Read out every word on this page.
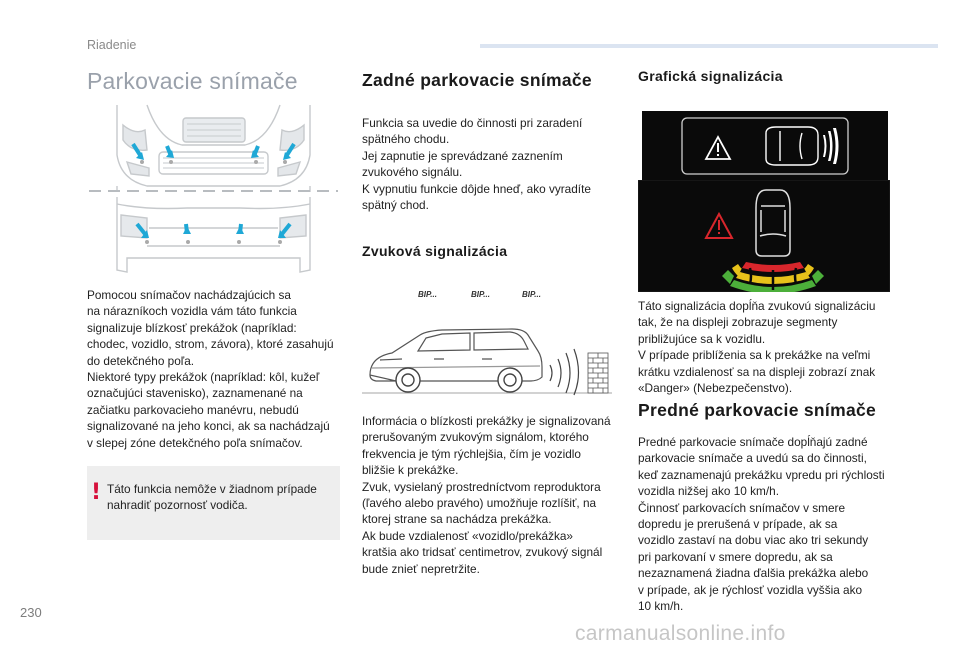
Riadenie
Parkovacie snímače

Pomocou snímačov nachádzajúcich sa

na nárazníkoch vozidla vám táto funkcia

signalizuje blízkosť prekážok (napríklad:

chodec, vozidlo, strom, závora), ktoré zasahujú

do detekčného poľa.

Niektoré typy prekážok (napríklad: kôl, kužeľ

označujúci stavenisko), zaznamenané na

začiatku parkovacieho manévru, nebudú

signalizované na jeho konci, ak sa nachádzajú

v slepej zóne detekčného poľa snímačov.

! Táto funkcia nemôže v žiadnom prípade

nahradiť pozornosť vodiča.

Zadné parkovacie snímače

Funkcia sa uvedie do činnosti pri zaradení

spätného chodu.

Jej zapnutie je sprevádzané zaznením

zvukového signálu.

K vypnutiu funkcie dôjde hneď, ako vyradíte

spätný chod.

Zvuková signalizácia
BIP...	BIP...	BIP...

Informácia o blízkosti prekážky je signalizovaná

prerušovaným zvukovým signálom, ktorého

frekvencia je tým rýchlejšia, čím je vozidlo

bližšie k prekážke.

Zvuk, vysielaný prostredníctvom reproduktora

(ľavého alebo pravého) umožňuje rozlíšiť, na

ktorej strane sa nachádza prekážka.

Ak bude vzdialenosť «vozidlo/prekážka»

kratšia ako tridsať centimetrov, zvukový signál

bude znieť nepretržite.

Grafická signalizácia

Táto signalizácia dopĺňa zvukovú signalizáciu

tak, že na displeji zobrazuje segmenty

približujúce sa k vozidlu.

V prípade priblíženia sa k prekážke na veľmi

krátku vzdialenosť sa na displeji zobrazí znak

«Danger» (Nebezpečenstvo).

Predné parkovacie snímače

Predné parkovacie snímače dopĺňajú zadné

parkovacie snímače a uvedú sa do činnosti,

keď zaznamenajú prekážku vpredu pri rýchlosti

vozidla nižšej ako 10 km/h.

Činnosť parkovacích snímačov v smere

dopredu je prerušená v prípade, ak sa

vozidlo zastaví na dobu viac ako tri sekundy

pri parkovaní v smere dopredu, ak sa

nezaznamená žiadna ďalšia prekážka alebo

v prípade, ak je rýchlosť vozidla vyššia ako

10 km/h.

230
carmanualsonline.info
